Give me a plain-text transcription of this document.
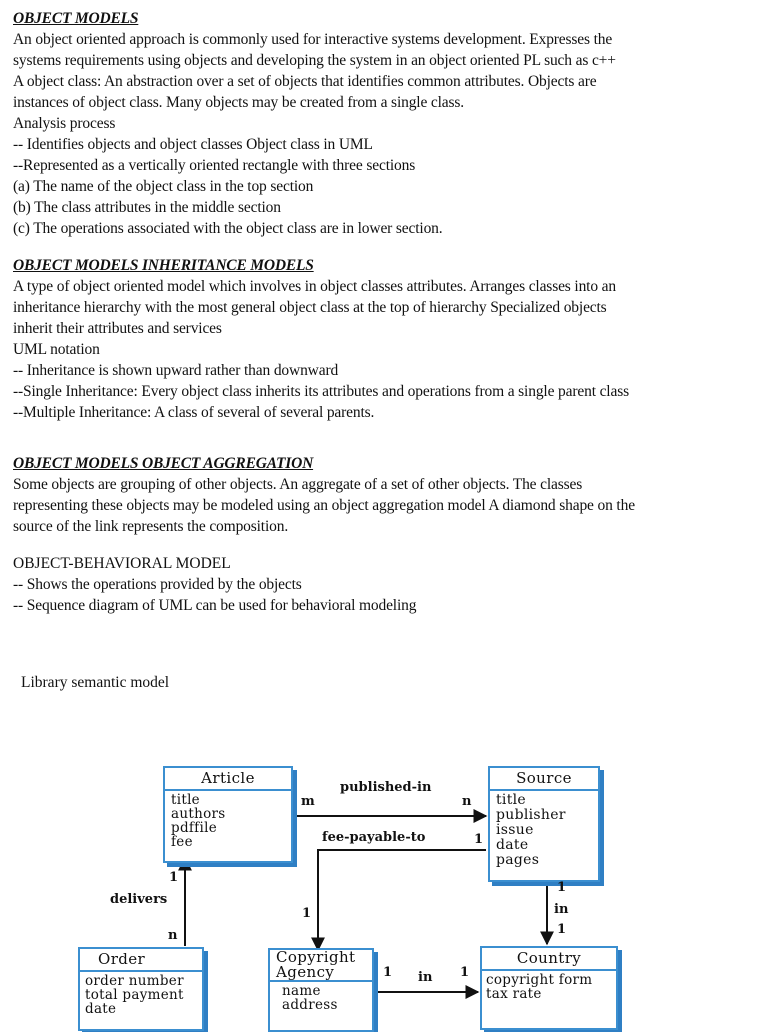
OBJECT MODELS
An object oriented approach is commonly used for interactive systems development. Expresses the
systems requirements using objects and developing the system in an object oriented PL such as c++
A object class: An abstraction over a set of objects that identifies common attributes. Objects are
instances of object class. Many objects may be created from a single class.
Analysis process
-- Identifies objects and object classes Object class in UML
--Represented as a vertically oriented rectangle with three sections
(a) The name of the object class in the top section
(b) The class attributes in the middle section
(c) The operations associated with the object class are in lower section.
OBJECT MODELS INHERITANCE MODELS
A type of object oriented model which involves in object classes attributes. Arranges classes into an
inheritance hierarchy with the most general object class at the top of hierarchy Specialized objects
inherit their attributes and services
UML notation
-- Inheritance is shown upward rather than downward
--Single Inheritance: Every object class inherits its attributes and operations from a single parent class
--Multiple Inheritance: A class of several of several parents.
OBJECT MODELS OBJECT AGGREGATION
Some objects are grouping of other objects. An aggregate of a set of other objects. The classes
representing these objects may be modeled using an object aggregation model A diamond shape on the
source of the link represents the composition.
OBJECT-BEHAVIORAL MODEL
-- Shows the operations provided by the objects
-- Sequence diagram of UML can be used for behavioral modeling
Library semantic model
Article
title
authors
pdffile
fee
Source
title
publisher
issue
date
pages
Order
order number
total payment
date
Copyright Agency
name
address
Country
copyright form
tax rate
published-in
m	n
fee-payable-to	1
1
delivers
1
n
in
1
1
in
1	1
